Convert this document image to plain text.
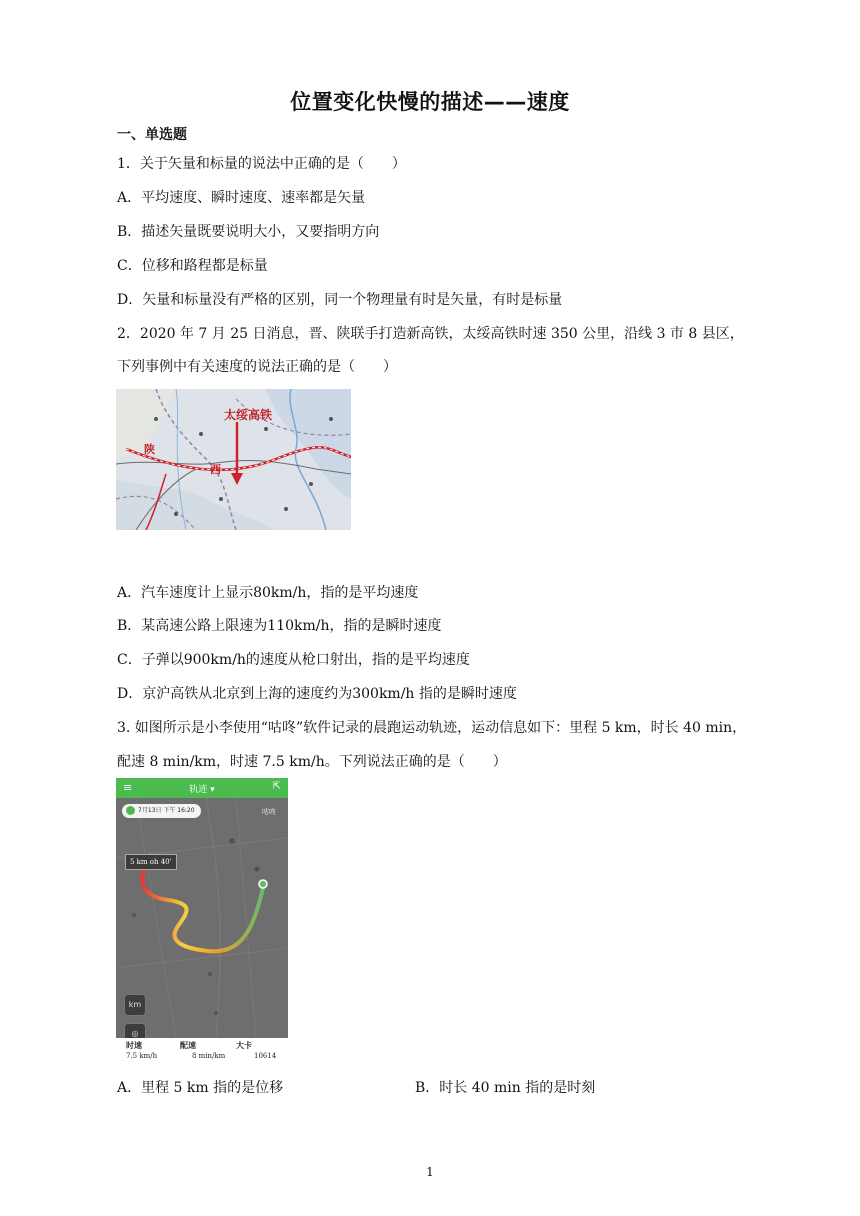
位置变化快慢的描述——速度
一、单选题
1．关于矢量和标量的说法中正确的是（　　）
A．平均速度、瞬时速度、速率都是矢量
B．描述矢量既要说明大小，又要指明方向
C．位移和路程都是标量
D．矢量和标量没有严格的区别，同一个物理量有时是矢量，有时是标量
2．2020 年 7 月 25 日消息，晋、陕联手打造新高铁，太绥高铁时速 350 公里，沿线 3 市 8 县区，
下列事例中有关速度的说法正确的是（　　）
太绥高铁
陕
西
A．汽车速度计上显示80km/h，指的是平均速度
B．某高速公路上限速为110km/h，指的是瞬时速度
C．子弹以900km/h的速度从枪口射出，指的是平均速度
D．京沪高铁从北京到上海的速度约为300km/h 指的是瞬时速度
3. 如图所示是小李使用“咕咚”软件记录的晨跑运动轨迹，运动信息如下：里程 5 km，时长 40 min，
配速 8 min/km，时速 7.5 km/h。下列说法正确的是（　　）
≡	轨迹 ▾	⇱
7月13日 下午 16:20	咕咚
5 km oh 40'
km
◎
时速
7.5 km/h
配速
8 min/km
大卡
10614
A．里程 5 km 指的是位移	B．时长 40 min 指的是时刻
1
